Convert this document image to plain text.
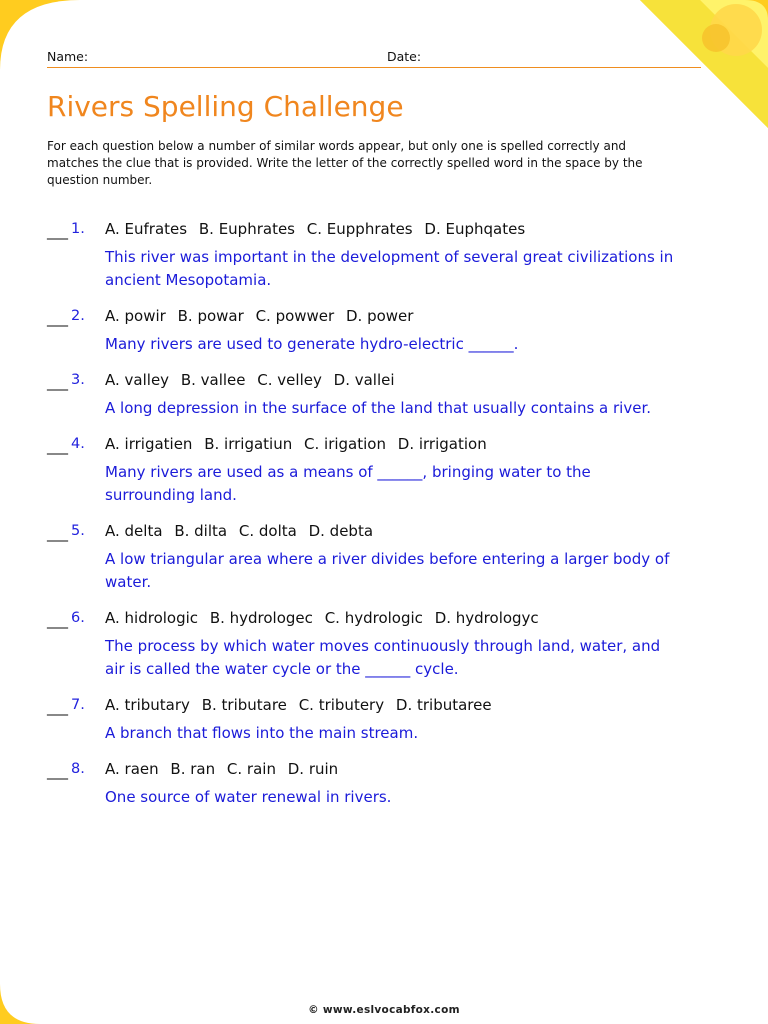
Name:	Date:
Rivers Spelling Challenge
For each question below a number of similar words appear, but only one is spelled correctly and matches the clue that is provided. Write the letter of the correctly spelled word in the space by the question number.
___ 1. A. Eufrates B. Euphrates C. Eupphrates D. Euphqates
This river was important in the development of several great civilizations in ancient Mesopotamia.
___ 2. A. powir B. powar C. powwer D. power
Many rivers are used to generate hydro-electric ______.
___ 3. A. valley B. vallee C. velley D. vallei
A long depression in the surface of the land that usually contains a river.
___ 4. A. irrigatien B. irrigatiun C. irigation D. irrigation
Many rivers are used as a means of ______, bringing water to the surrounding land.
___ 5. A. delta B. dilta C. dolta D. debta
A low triangular area where a river divides before entering a larger body of water.
___ 6. A. hidrologic B. hydrologec C. hydrologic D. hydrologyc
The process by which water moves continuously through land, water, and air is called the water cycle or the ______ cycle.
___ 7. A. tributary B. tributare C. tributery D. tributaree
A branch that flows into the main stream.
___ 8. A. raen B. ran C. rain D. ruin
One source of water renewal in rivers.
© www.eslvocabfox.com
